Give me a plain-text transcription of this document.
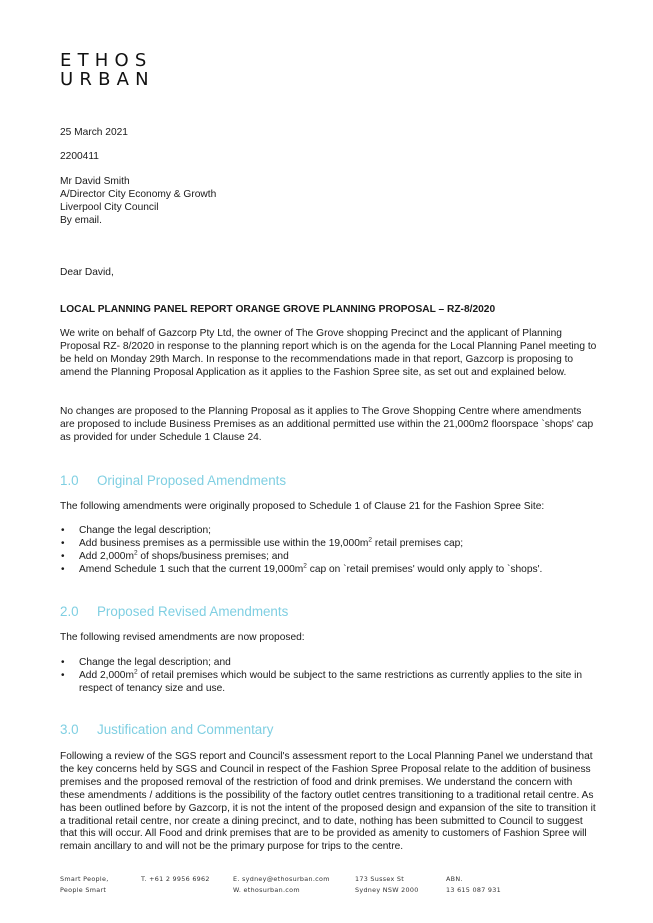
ETHOS
URBAN

25 March 2021

2200411

Mr David Smith

A/Director City Economy & Growth

Liverpool City Council

By email.

Dear David,

LOCAL PLANNING PANEL REPORT ORANGE GROVE PLANNING PROPOSAL – RZ-8/2020

We write on behalf of Gazcorp Pty Ltd, the owner of The Grove shopping Precinct and the applicant of Planning Proposal RZ- 8/2020 in response to the planning report which is on the agenda for the Local Planning Panel meeting to be held on Monday 29th March. In response to the recommendations made in that report, Gazcorp is proposing to amend the Planning Proposal Application as it applies to the Fashion Spree site, as set out and explained below.

No changes are proposed to the Planning Proposal as it applies to The Grove Shopping Centre where amendments are proposed to include Business Premises as an additional permitted use within the 21,000m2 floorspace `shops' cap as provided for under Schedule 1 Clause 24.

1.0 Original Proposed Amendments

The following amendments were originally proposed to Schedule 1 of Clause 21 for the Fashion Spree Site:

• Change the legal description;
• Add business premises as a permissible use within the $19,000m^2$ retail premises cap;
• Add $2,000m^2$ of shops/business premises; and
• Amend Schedule 1 such that the current $19,000m^2$ cap on `retail premises' would only apply to `shops'.
2.0 Proposed Revised Amendments

The following revised amendments are now proposed:

• Change the legal description; and
• Add $2,000m^2$ of retail premises which would be subject to the same restrictions as currently applies to the site in respect of tenancy size and use.
3.0 Justification and Commentary

Following a review of the SGS report and Council's assessment report to the Local Planning Panel we understand that the key concerns held by SGS and Council in respect of the Fashion Spree Proposal relate to the addition of business premises and the proposed removal of the restriction of food and drink premises. We understand the concern with these amendments / additions is the possibility of the factory outlet centres transitioning to a traditional retail centre. As has been outlined before by Gazcorp, it is not the intent of the proposed design and expansion of the site to transition it a traditional retail centre, nor create a dining precinct, and to date, nothing has been submitted to Council to suggest that this will occur. All Food and drink premises that are to be provided as amenity to customers of Fashion Spree will remain ancillary to and will not be the primary purpose for trips to the centre.

Smart People,
People Smart
T. +61 2 9956 6962	E. sydney@ethosurban.com
W. ethosurban.com
173 Sussex St
Sydney NSW 2000
ABN.
13 615 087 931
